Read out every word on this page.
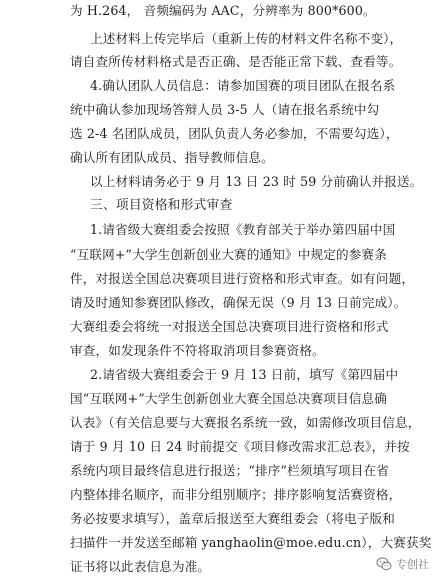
为 H.264， 音频编码为 AAC，分辨率为 800*600。
上述材料上传完毕后（重新上传的材料文件名称不变），
请自查所传材料格式是否正确、是否能正常下载、查看等。
4.确认团队人员信息：请参加国赛的项目团队在报名系
统中确认参加现场答辩人员 3-5 人（请在报名系统中勾
选 2-4 名团队成员，团队负责人务必参加，不需要勾选），
确认所有团队成员、指导教师信息。
以上材料请务必于 9 月 13 日 23 时 59 分前确认并报送。
三、项目资格和形式审查
1.请省级大赛组委会按照《教育部关于举办第四届中国
“互联网+”大学生创新创业大赛的通知》中规定的参赛条
件，对报送全国总决赛项目进行资格和形式审查。如有问题，
请及时通知参赛团队修改，确保无误（9 月 13 日前完成）。
大赛组委会将统一对报送全国总决赛项目进行资格和形式
审查，如发现条件不符将取消项目参赛资格。
2.请省级大赛组委会于 9 月 13 日前，填写《第四届中
国“互联网+”大学生创新创业大赛全国总决赛项目信息确
认表》（有关信息要与大赛报名系统一致，如需修改项目信息，
请于 9 月 10 日 24 时前提交《项目修改需求汇总表》，并按
系统内项目最终信息进行报送；“排序”栏须填写项目在省
内整体排名顺序，而非分组别顺序；排序影响复活赛资格，
务必按要求填写），盖章后报送至大赛组委会（将电子版和
扫描件一并发送至邮箱 yanghaolin@moe.edu.cn），大赛获奖
证书将以此表信息为准。	专创社
